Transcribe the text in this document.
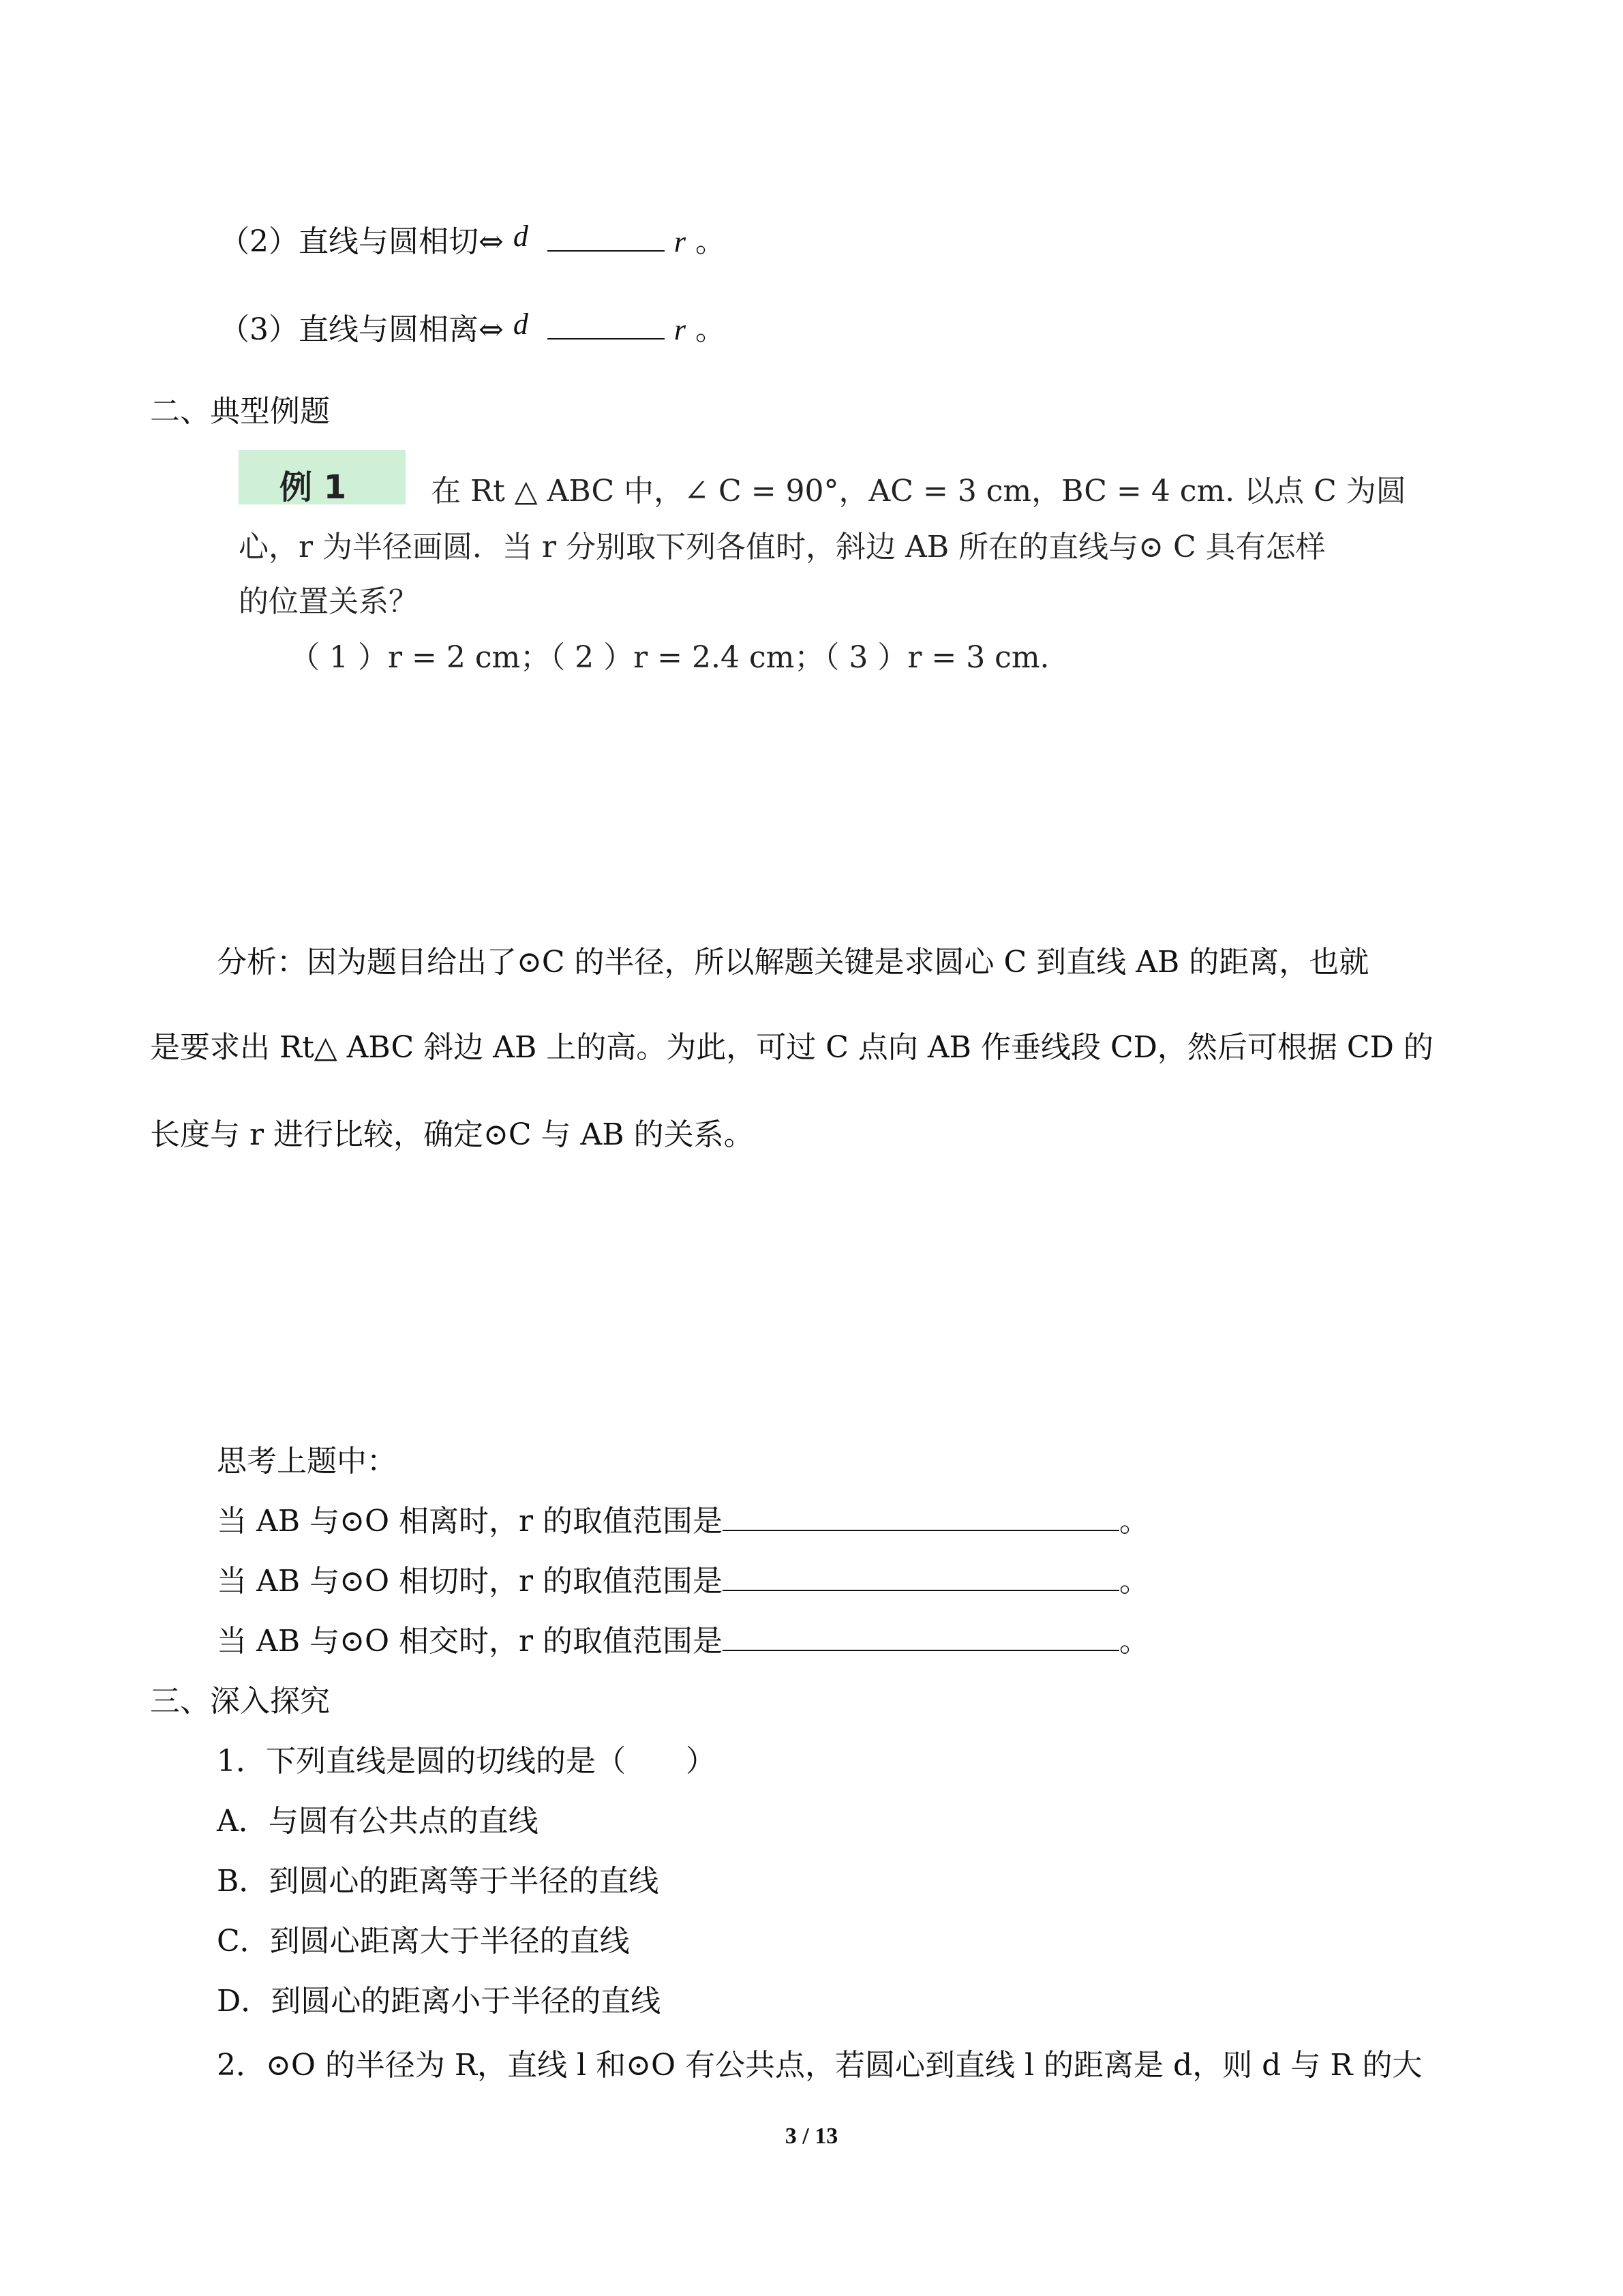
（2）直线与圆相切⇔ d	r 。
（3）直线与圆相离⇔ d	r 。
二、典型例题
例 1	在 Rt △ ABC 中，∠ C = 90°，AC = 3 cm，BC = 4 cm. 以点 C 为圆
心，r 为半径画圆．当 r 分别取下列各值时，斜边 AB 所在的直线与⊙ C 具有怎样
的位置关系？
（ 1 ）r = 2 cm；（ 2 ）r = 2.4 cm；（ 3 ）r = 3 cm.
分析：因为题目给出了⊙C 的半径，所以解题关键是求圆心 C 到直线 AB 的距离，也就
是要求出 Rt△ ABC 斜边 AB 上的高。为此，可过 C 点向 AB 作垂线段 CD，然后可根据 CD 的
长度与 r 进行比较，确定⊙C 与 AB 的关系。
思考上题中：
当 AB 与⊙O 相离时，r 的取值范围是	。
当 AB 与⊙O 相切时，r 的取值范围是	。
当 AB 与⊙O 相交时，r 的取值范围是	。
三、深入探究
1．下列直线是圆的切线的是（　　）
A．与圆有公共点的直线
B．到圆心的距离等于半径的直线
C．到圆心距离大于半径的直线
D．到圆心的距离小于半径的直线
2．⊙O 的半径为 R，直线 l 和⊙O 有公共点，若圆心到直线 l 的距离是 d，则 d 与 R 的大
3 / 13
